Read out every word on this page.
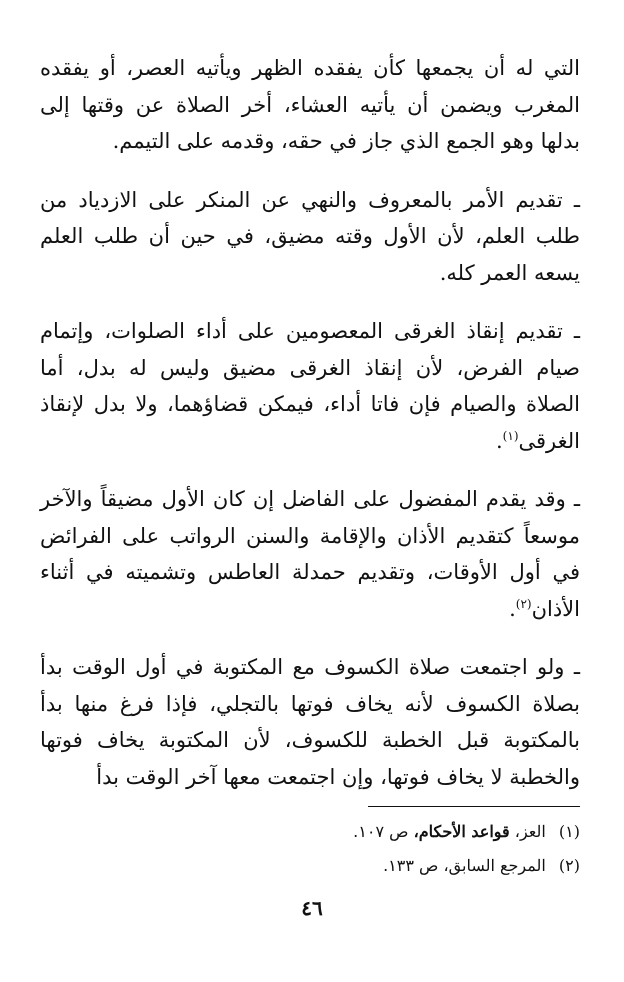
التي له أن يجمعها كأن يفقده الظهر ويأتيه العصر، أو يفقده المغرب ويضمن أن يأتيه العشاء، أخر الصلاة عن وقتها إلى بدلها وهو الجمع الذي جاز في حقه، وقدمه على التيمم.

ـ تقديم الأمر بالمعروف والنهي عن المنكر على الازدياد من طلب العلم، لأن الأول وقته مضيق، في حين أن طلب العلم يسعه العمر كله.

ـ تقديم إنقاذ الغرقى المعصومين على أداء الصلوات، وإتمام صيام الفرض، لأن إنقاذ الغرقى مضيق وليس له بدل، أما الصلاة والصيام فإن فاتا أداء، فيمكن قضاؤهما، ولا بدل لإنقاذ الغرقى$^{(١)}$.

ـ وقد يقدم المفضول على الفاضل إن كان الأول مضيقاً والآخر موسعاً كتقديم الأذان والإقامة والسنن الرواتب على الفرائض في أول الأوقات، وتقديم حمدلة العاطس وتشميته في أثناء الأذان$^{(٢)}$.

ـ ولو اجتمعت صلاة الكسوف مع المكتوبة في أول الوقت بدأ بصلاة الكسوف لأنه يخاف فوتها بالتجلي، فإذا فرغ منها بدأ بالمكتوبة قبل الخطبة للكسوف، لأن المكتوبة يخاف فوتها والخطبة لا يخاف فوتها، وإن اجتمعت معها آخر الوقت بدأ

(١) العز، قواعد الأحكام، ص ١٠٧.

(٢) المرجع السابق، ص ١٣٣.

٤٦
